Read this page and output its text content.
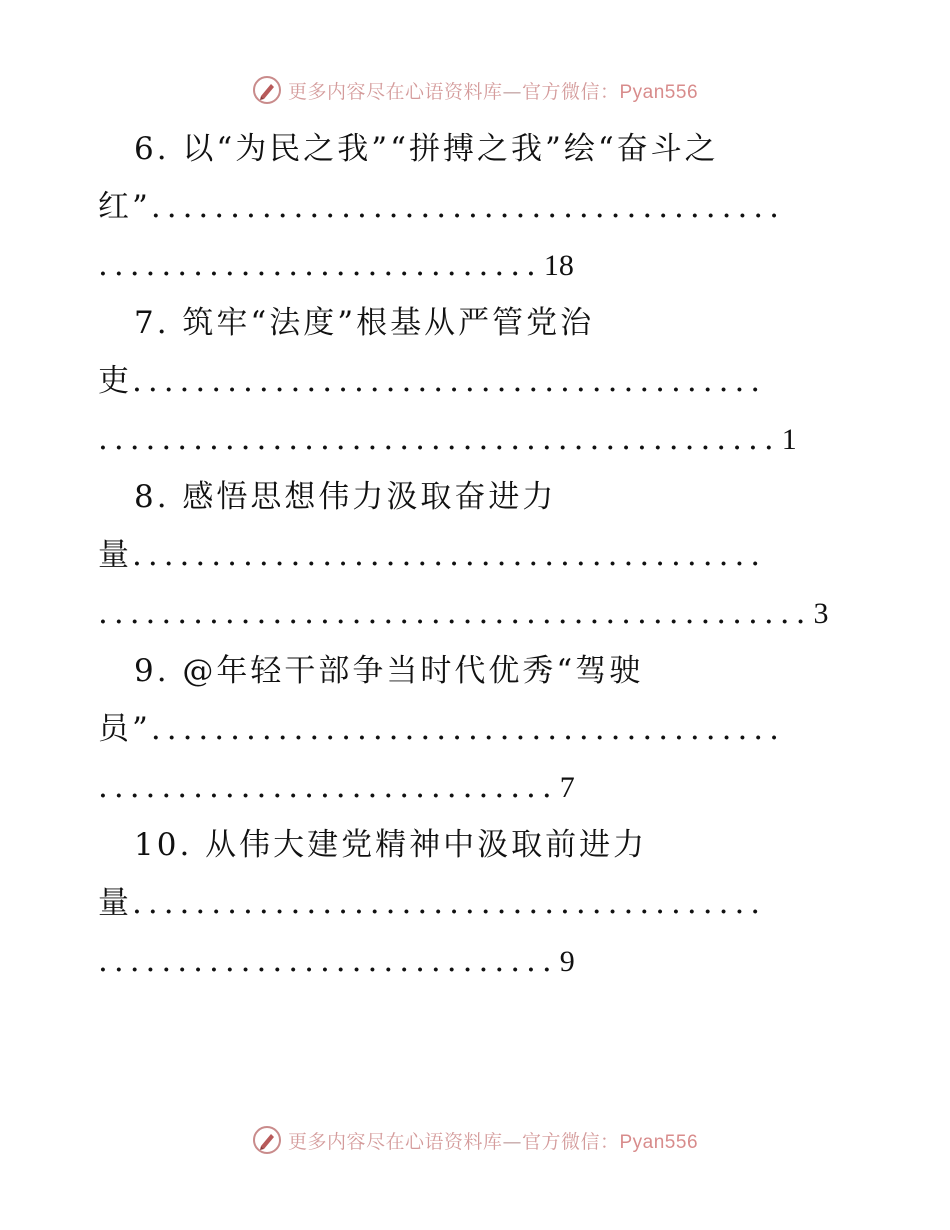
更多内容尽在心语资料库—官方微信：Pyan556
6. 以“为民之我”“拼搏之我”绘“奋斗之
红”........................................
............................ 18
7. 筑牢“法度”根基从严管党治
吏........................................
........................................... 1
8. 感悟思想伟力汲取奋进力
量........................................
............................................. 3
9. @年轻干部争当时代优秀“驾驶
员”........................................
............................. 7
10. 从伟大建党精神中汲取前进力
量........................................
............................. 9
更多内容尽在心语资料库—官方微信：Pyan556
